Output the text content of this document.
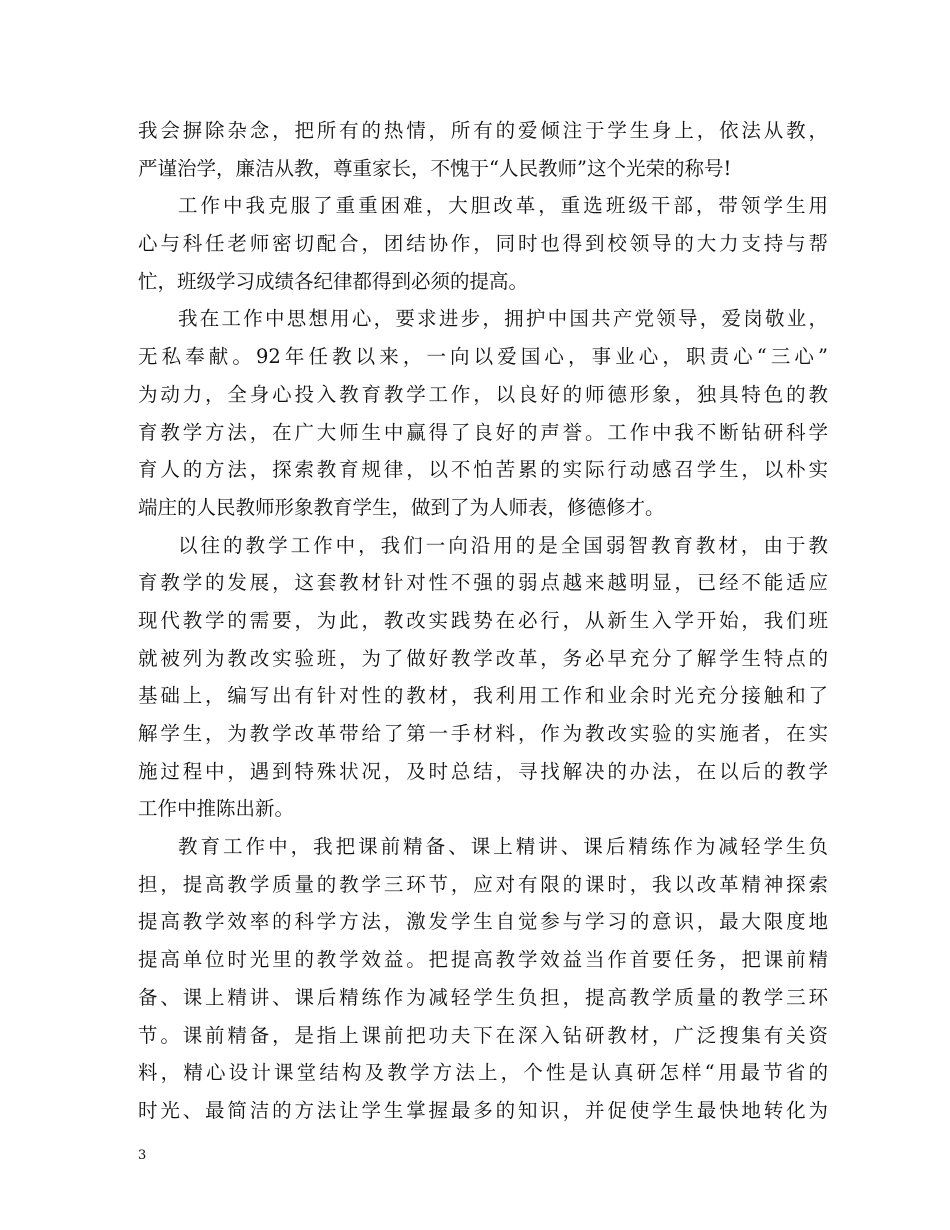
我会摒除杂念，把所有的热情，所有的爱倾注于学生身上，依法从教，
严谨治学，廉洁从教，尊重家长，不愧于“人民教师”这个光荣的称号!
工作中我克服了重重困难，大胆改革，重选班级干部，带领学生用
心与科任老师密切配合，团结协作，同时也得到校领导的大力支持与帮
忙，班级学习成绩各纪律都得到必须的提高。
我在工作中思想用心，要求进步，拥护中国共产党领导，爱岗敬业，
无私奉献。92年任教以来，一向以爱国心，事业心，职责心“三心”
为动力，全身心投入教育教学工作，以良好的师德形象，独具特色的教
育教学方法，在广大师生中赢得了良好的声誉。工作中我不断钻研科学
育人的方法，探索教育规律，以不怕苦累的实际行动感召学生，以朴实
端庄的人民教师形象教育学生，做到了为人师表，修德修才。
以往的教学工作中，我们一向沿用的是全国弱智教育教材，由于教
育教学的发展，这套教材针对性不强的弱点越来越明显，已经不能适应
现代教学的需要，为此，教改实践势在必行，从新生入学开始，我们班
就被列为教改实验班，为了做好教学改革，务必早充分了解学生特点的
基础上，编写出有针对性的教材，我利用工作和业余时光充分接触和了
解学生，为教学改革带给了第一手材料，作为教改实验的实施者，在实
施过程中，遇到特殊状况，及时总结，寻找解决的办法，在以后的教学
工作中推陈出新。
教育工作中，我把课前精备、课上精讲、课后精练作为减轻学生负
担，提高教学质量的教学三环节，应对有限的课时，我以改革精神探索
提高教学效率的科学方法，激发学生自觉参与学习的意识，最大限度地
提高单位时光里的教学效益。把提高教学效益当作首要任务，把课前精
备、课上精讲、课后精练作为减轻学生负担，提高教学质量的教学三环
节。课前精备，是指上课前把功夫下在深入钻研教材，广泛搜集有关资
料，精心设计课堂结构及教学方法上，个性是认真研怎样“用最节省的
时光、最简洁的方法让学生掌握最多的知识，并促使学生最快地转化为
3
